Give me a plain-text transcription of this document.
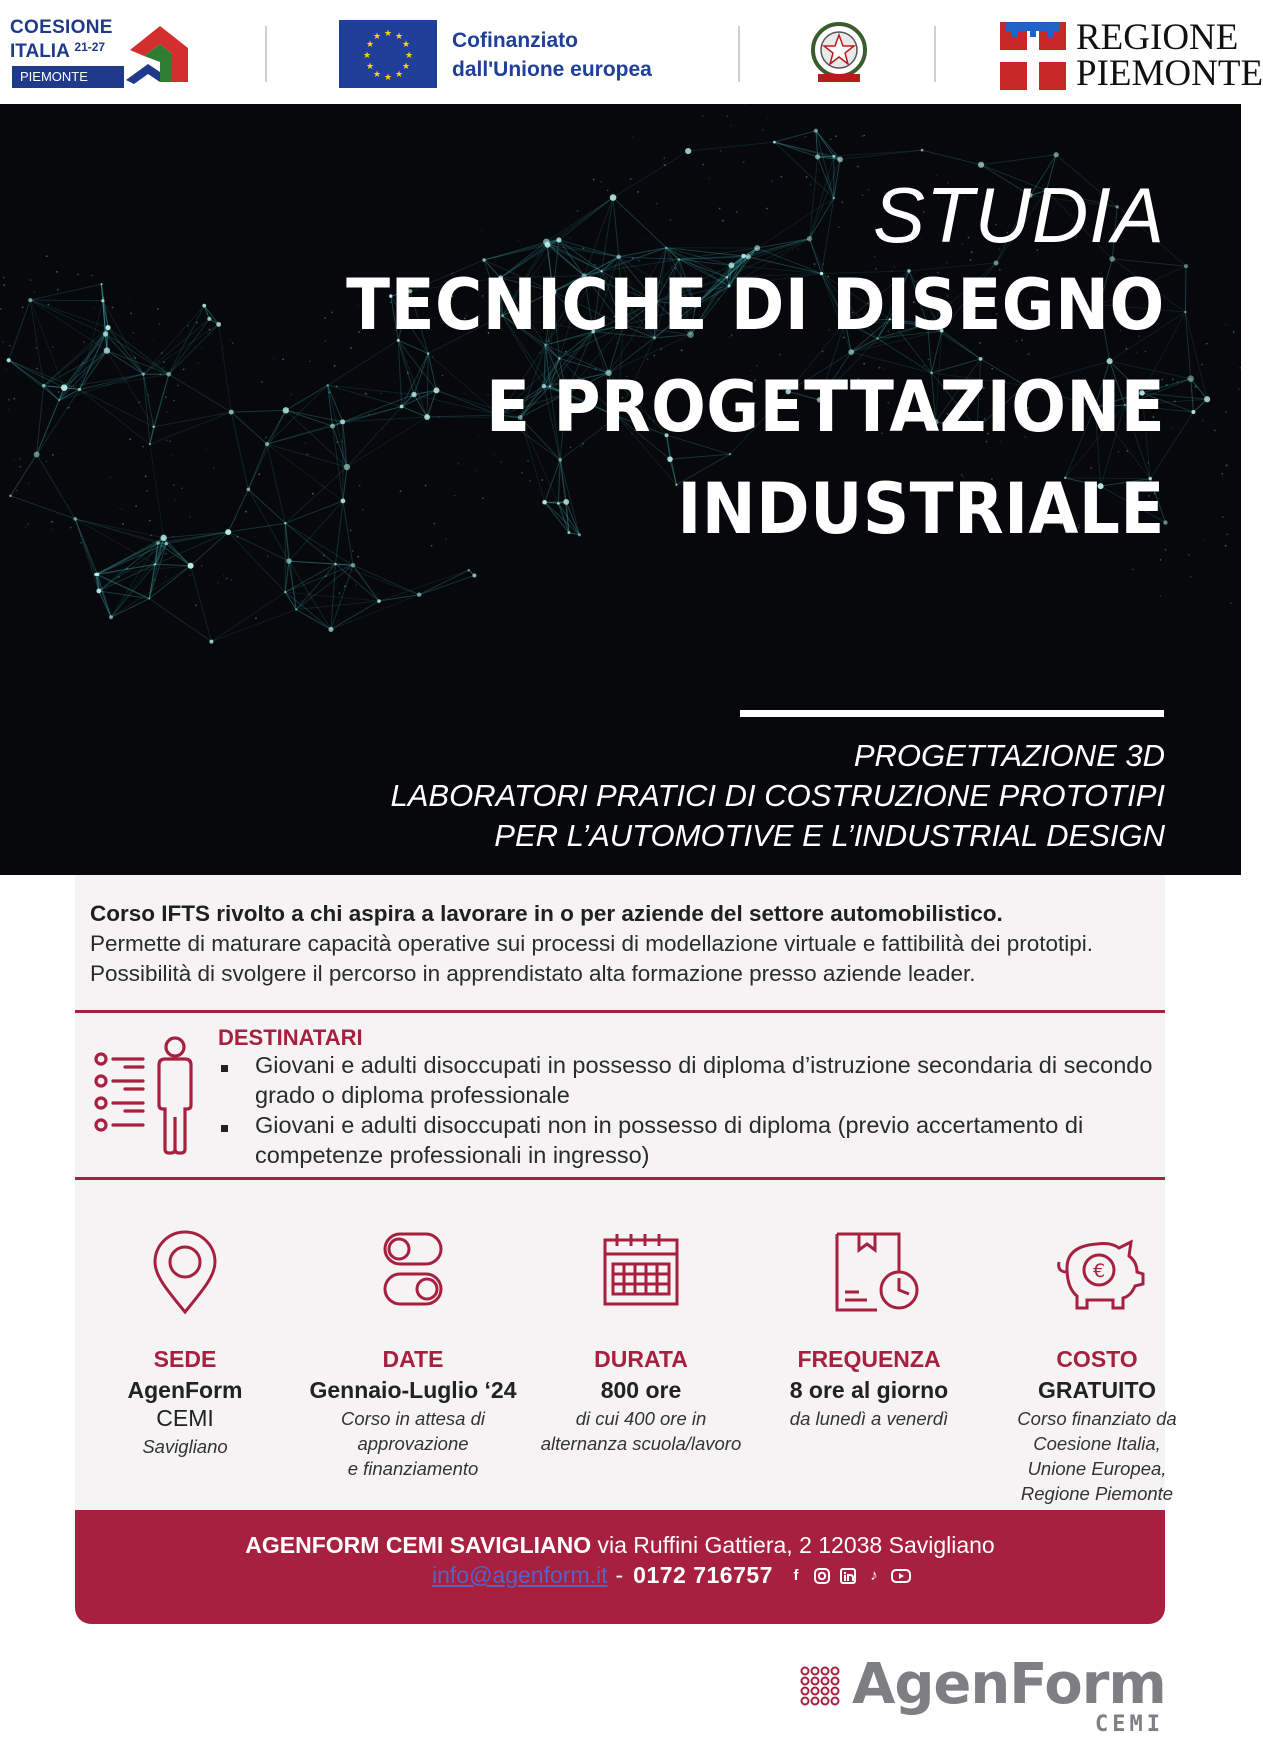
COESIONE
ITALIA $^{21-27}$
PIEMONTE
★ ★
★
★
★
★
★
★
★
★
★
★	Cofinanziato
dall'Unione europea
REGIONE
PIEMONTE
STUDIA
TECNICHE DI DISEGNO
E PROGETTAZIONE
INDUSTRIALE
PROGETTAZIONE 3D
LABORATORI PRATICI DI COSTRUZIONE PROTOTIPI
PER L’AUTOMOTIVE E L’INDUSTRIAL DESIGN

Corso IFTS rivolto a chi aspira a lavorare in o per aziende del settore automobilistico.

Permette di maturare capacità operative sui processi di modellazione virtuale e fattibilità dei prototipi.

Possibilità di svolgere il percorso in apprendistato alta formazione presso aziende leader.

DESTINATARI
Giovani e adulti disoccupati in possesso di diploma d’istruzione secondaria di secondo grado o diploma professionale
Giovani e adulti disoccupati non in possesso di diploma (previo accertamento di competenze professionali in ingresso)
SEDE
AgenForm
CEMI
Savigliano
DATE
Gennaio-Luglio ‘24
Corso in attesa di
approvazione
e finanziamento
DURATA
800 ore
di cui 400 ore in
alternanza scuola/lavoro
FREQUENZA
8 ore al giorno
da lunedì a venerdì
€
COSTO
GRATUITO
Corso finanziato da
Coesione Italia,
Unione Europea,
Regione Piemonte
AGENFORM CEMI SAVIGLIANO via Ruffini Gattiera, 2 12038 Savigliano
info@agenform.it - 0172 716757	f	♪
AgenForm
CEMI
